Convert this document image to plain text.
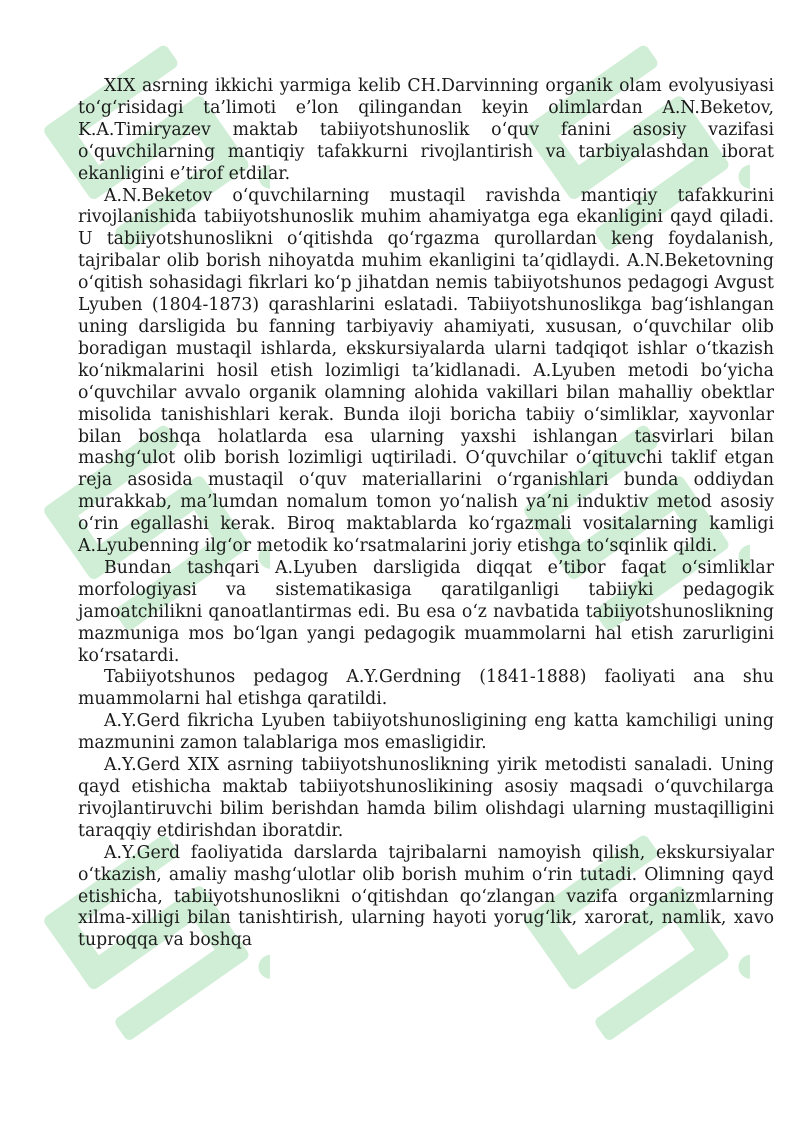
XIX asrning ikkichi yarmiga kelib CH.Darvinning organik olam evolyusiyasi to‘g‘risidagi ta’limoti e’lon qilingandan keyin olimlardan A.N.Beketov, K.A.Timiryazev maktab tabiiyotshunoslik o‘quv fanini asosiy vazifasi o‘quvchilarning mantiqiy tafakkurni rivojlantirish va tarbiyalashdan iborat ekanligini e’tirof etdilar.

A.N.Beketov o‘quvchilarning mustaqil ravishda mantiqiy tafakkurini rivojlanishida tabiiyotshunoslik muhim ahamiyatga ega ekanligini qayd qiladi. U tabiiyotshunoslikni o‘qitishda qo‘rgazma qurollardan keng foydalanish, tajribalar olib borish nihoyatda muhim ekanligini ta’qidlaydi. A.N.Beketovning o‘qitish sohasidagi fikrlari ko‘p jihatdan nemis tabiiyotshunos pedagogi Avgust Lyuben (1804-1873) qarashlarini eslatadi. Tabiiyotshunoslikga bag‘ishlangan uning darsligida bu fanning tarbiyaviy ahamiyati, xususan, o‘quvchilar olib boradigan mustaqil ishlarda, ekskursiyalarda ularni tadqiqot ishlar o‘tkazish ko‘nikmalarini hosil etish lozimligi ta’kidlanadi. A.Lyuben metodi bo‘yicha o‘quvchilar avvalo organik olamning alohida vakillari bilan mahalliy obektlar misolida tanishishlari kerak. Bunda iloji boricha tabiiy o‘simliklar, xayvonlar bilan boshqa holatlarda esa ularning yaxshi ishlangan tasvirlari bilan mashg‘ulot olib borish lozimligi uqtiriladi. O‘quvchilar o‘qituvchi taklif etgan reja asosida mustaqil o‘quv materiallarini o‘rganishlari bunda oddiydan murakkab, ma’lumdan nomalum tomon yo‘nalish ya’ni induktiv metod asosiy o‘rin egallashi kerak. Biroq maktablarda ko‘rgazmali vositalarning kamligi A.Lyubenning ilg‘or metodik ko‘rsatmalarini joriy etishga to‘sqinlik qildi.

Bundan tashqari A.Lyuben darsligida diqqat e’tibor faqat o‘simliklar morfologiyasi va sistematikasiga qaratilganligi tabiiyki pedagogik jamoatchilikni qanoatlantirmas edi. Bu esa o‘z navbatida tabiiyotshunoslikning mazmuniga mos bo‘lgan yangi pedagogik muammolarni hal etish zarurligini ko‘rsatardi.

Tabiiyotshunos pedagog A.Y.Gerdning (1841-1888) faoliyati ana shu muammolarni hal etishga qaratildi.

A.Y.Gerd fikricha Lyuben tabiiyotshunosligining eng katta kamchiligi uning mazmunini zamon talablariga mos emasligidir.

A.Y.Gerd XIX asrning tabiiyotshunoslikning yirik metodisti sanaladi. Uning qayd etishicha maktab tabiiyotshunoslikining asosiy maqsadi o‘quvchilarga rivojlantiruvchi bilim berishdan hamda bilim olishdagi ularning mustaqilligini taraqqiy etdirishdan iboratdir.

A.Y.Gerd faoliyatida darslarda tajribalarni namoyish qilish, ekskursiyalar o‘tkazish, amaliy mashg‘ulotlar olib borish muhim o‘rin tutadi. Olimning qayd etishicha, tabiiyotshunoslikni o‘qitishdan qo‘zlangan vazifa organizmlarning xilma-xilligi bilan tanishtirish, ularning hayoti yorug‘lik, xarorat, namlik, xavo tuproqqa va boshqa
